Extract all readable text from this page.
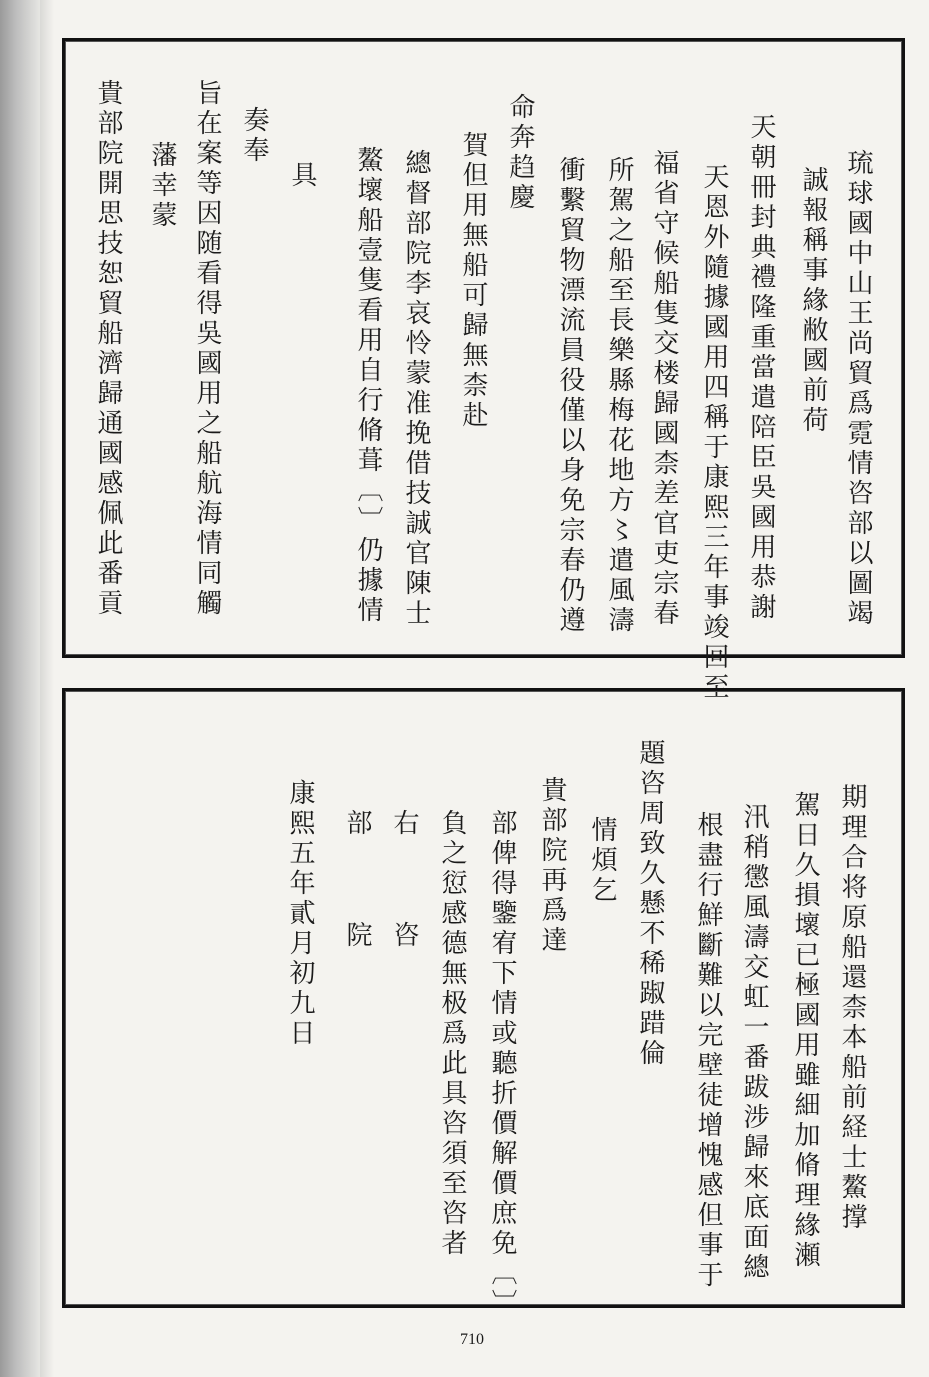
琉球國中山王尚貿爲霓情咨部以圖竭
誠報稱事緣敝國前荷
天朝冊封典禮隆重當遣陪臣吳國用恭謝
天恩外隨據國用四稱于康熙三年事竣回至
福省守候船隻交楼歸國柰差官吏宗春
所駕之船至長樂縣梅花地方〻遣風濤
衝繫貿物漂流員役僅以身免宗春仍遵
命奔趋慶
賀但用無船可歸無柰赴
總督部院李哀怜蒙准挽借技誠官陳士
鰲壞船壹隻看用自行脩葺〔〕仍據情
具
奏奉
旨在案等因随看得吳國用之船航海情同觸
藩幸蒙
貴部院開思技恕貿船濟歸通國感佩此番貢
期理合将原船還柰本船前経士鰲撑
駕日久損壞已極國用雖細加脩理緣瀬
汛稍懲風濤交虹一番跋涉歸來底面總
根盡行鮮斷難以完壁徒增愧感但事于
題咨周致久懸不稀踧踖倫
情煩乞
貴部院再爲達
部俾得鑒宥下情或聽折價解價庶免〔〕
負之愆感德無极爲此具咨須至咨者
右
咨
部
院
康熙五年貳月初九日
710
